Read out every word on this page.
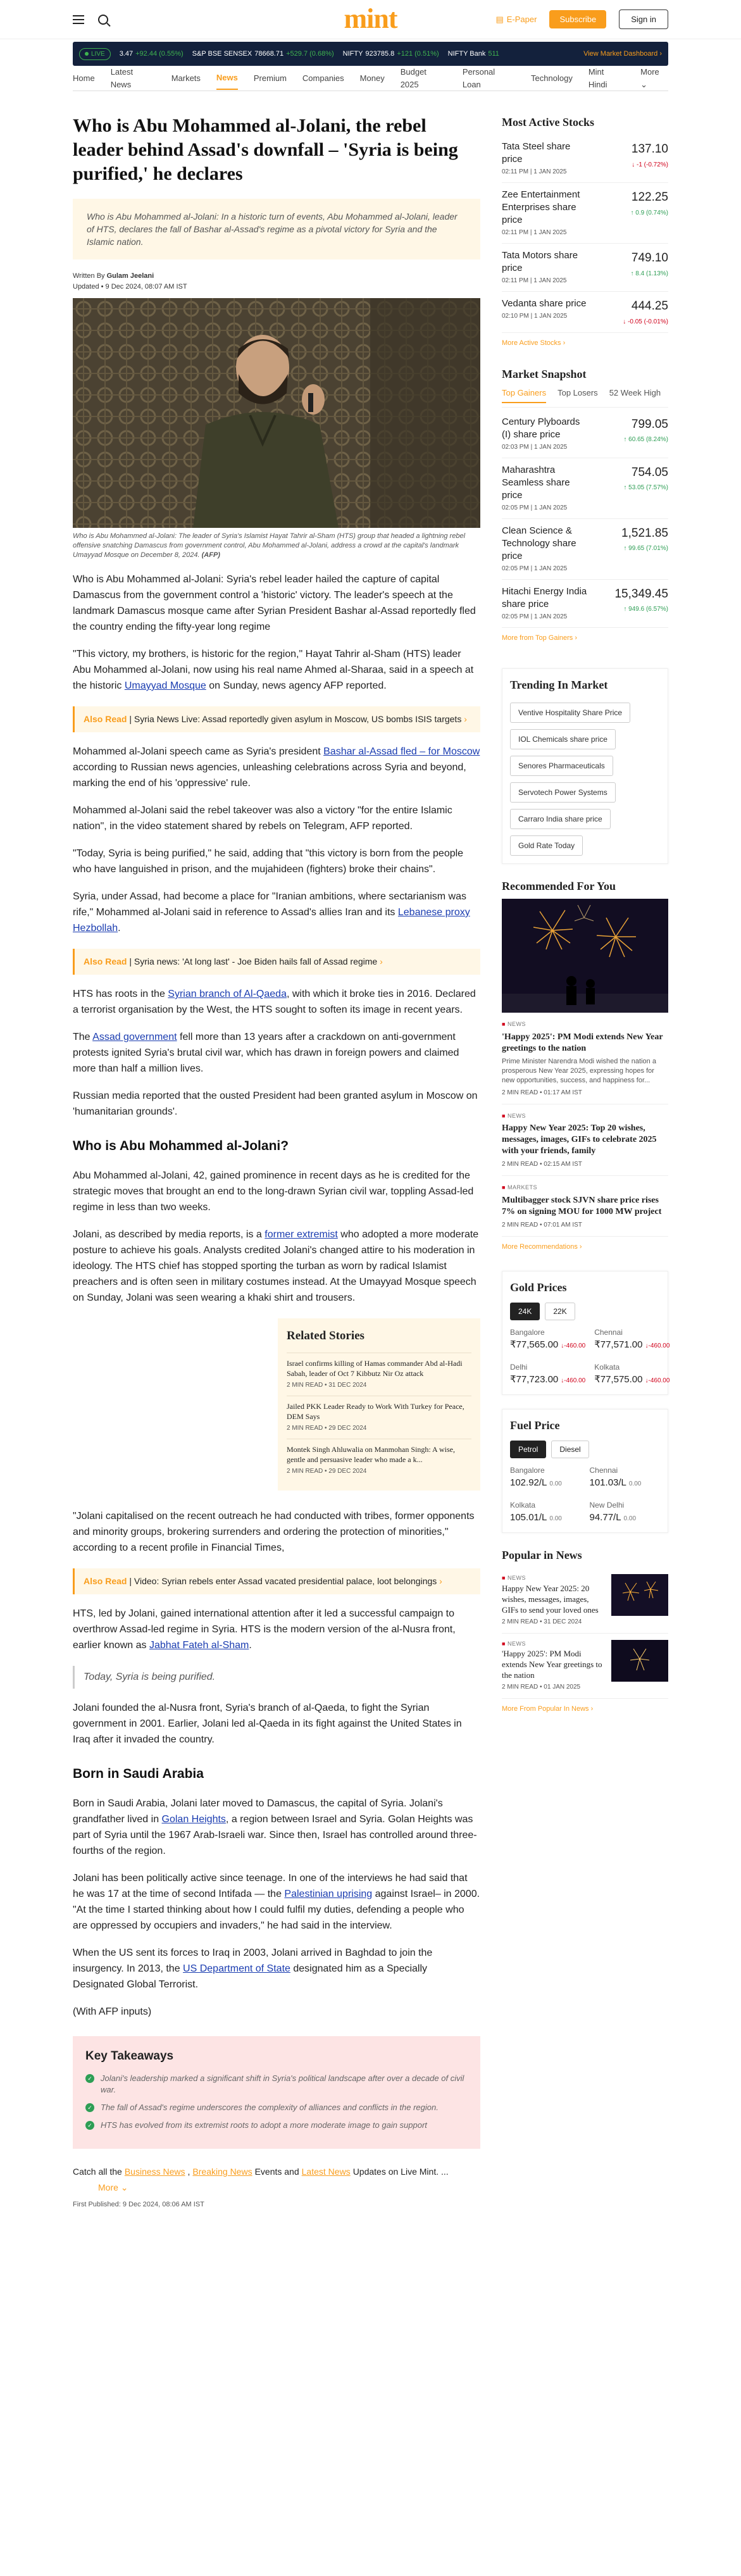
mint	▤ E-Paper	Subscribe	Sign in
LIVE 3.47 +92.44 (0.55%) S&P BSE SENSEX 78668.71 +529.7 (0.68%) NIFTY 923785.8 +121 (0.51%) NIFTY Bank 511	View Market Dashboard ›
Home
Latest News
Markets News Premium Companies Money
Budget 2025
Personal Loan
Technology
Mint Hindi
More ⌄
Who is Abu Mohammed al-Jolani, the rebel leader behind Assad's downfall – 'Syria is being purified,' he declares
Who is Abu Mohammed al-Jolani: In a historic turn of events, Abu Mohammed al-Jolani, leader of HTS, declares the fall of Bashar al-Assad's regime as a pivotal victory for Syria and the Islamic nation.
Written By Gulam Jeelani
Updated • 9 Dec 2024, 08:07 AM IST
Who is Abu Mohammed al-Jolani: The leader of Syria's Islamist Hayat Tahrir al-Sham (HTS) group that headed a lightning rebel offensive snatching Damascus from government control, Abu Mohammed al-Jolani, address a crowd at the capital's landmark Umayyad Mosque on December 8, 2024. (AFP)

Who is Abu Mohammed al-Jolani: Syria's rebel leader hailed the capture of capital Damascus from the government control a 'historic' victory. The leader's speech at the landmark Damascus mosque came after Syrian President Bashar al-Assad reportedly fled the country ending the fifty-year long regime

"This victory, my brothers, is historic for the region," Hayat Tahrir al-Sham (HTS) leader Abu Mohammed al-Jolani, now using his real name Ahmed al-Sharaa, said in a speech at the historic Umayyad Mosque on Sunday, news agency AFP reported.

Also Read | Syria News Live: Assad reportedly given asylum in Moscow, US bombs ISIS targets ›

Mohammed al-Jolani speech came as Syria's president Bashar al-Assad fled – for Moscow according to Russian news agencies, unleashing celebrations across Syria and beyond, marking the end of his 'oppressive' rule.

Mohammed al-Jolani said the rebel takeover was also a victory "for the entire Islamic nation", in the video statement shared by rebels on Telegram, AFP reported.

"Today, Syria is being purified," he said, adding that "this victory is born from the people who have languished in prison, and the mujahideen (fighters) broke their chains".

Syria, under Assad, had become a place for "Iranian ambitions, where sectarianism was rife," Mohammed al-Jolani said in reference to Assad's allies Iran and its Lebanese proxy Hezbollah.

Also Read | Syria news: 'At long last' - Joe Biden hails fall of Assad regime ›

HTS has roots in the Syrian branch of Al-Qaeda, with which it broke ties in 2016. Declared a terrorist organisation by the West, the HTS sought to soften its image in recent years.

The Assad government fell more than 13 years after a crackdown on anti-government protests ignited Syria's brutal civil war, which has drawn in foreign powers and claimed more than half a million lives.

Russian media reported that the ousted President had been granted asylum in Moscow on 'humanitarian grounds'.

Who is Abu Mohammed al-Jolani?

Abu Mohammed al-Jolani, 42, gained prominence in recent days as he is credited for the strategic moves that brought an end to the long-drawn Syrian civil war, toppling Assad-led regime in less than two weeks.

Jolani, as described by media reports, is a former extremist who adopted a more moderate posture to achieve his goals. Analysts credited Jolani's changed attire to his moderation in ideology. The HTS chief has stopped sporting the turban as worn by radical Islamist preachers and is often seen in military costumes instead. At the Umayyad Mosque speech on Sunday, Jolani was seen wearing a khaki shirt and trousers.

Related Stories
Israel confirms killing of Hamas commander Abd al-Hadi Sabah, leader of Oct 7 Kibbutz Nir Oz attack
2 MIN READ • 31 DEC 2024
Jailed PKK Leader Ready to Work With Turkey for Peace, DEM Says
2 MIN READ • 29 DEC 2024
Montek Singh Ahluwalia on Manmohan Singh: A wise, gentle and persuasive leader who made a k...
2 MIN READ • 29 DEC 2024

"Jolani capitalised on the recent outreach he had conducted with tribes, former opponents and minority groups, brokering surrenders and ordering the protection of minorities," according to a recent profile in Financial Times,

Also Read | Video: Syrian rebels enter Assad vacated presidential palace, loot belongings ›

HTS, led by Jolani, gained international attention after it led a successful campaign to overthrow Assad-led regime in Syria. HTS is the modern version of the al-Nusra front, earlier known as Jabhat Fateh al-Sham.

Today, Syria is being purified.

Jolani founded the al-Nusra front, Syria's branch of al-Qaeda, to fight the Syrian government in 2001. Earlier, Jolani led al-Qaeda in its fight against the United States in Iraq after it invaded the country.

Born in Saudi Arabia

Born in Saudi Arabia, Jolani later moved to Damascus, the capital of Syria. Jolani's grandfather lived in Golan Heights, a region between Israel and Syria. Golan Heights was part of Syria until the 1967 Arab-Israeli war. Since then, Israel has controlled around three-fourths of the region.

Jolani has been politically active since teenage. In one of the interviews he had said that he was 17 at the time of second Intifada — the Palestinian uprising against Israel– in 2000. "At the time I started thinking about how I could fulfil my duties, defending a people who are oppressed by occupiers and invaders," he had said in the interview.

When the US sent its forces to Iraq in 2003, Jolani arrived in Baghdad to join the insurgency. In 2013, the US Department of State designated him as a Specially Designated Global Terrorist.

(With AFP inputs)

Key Takeaways
✓ Jolani's leadership marked a significant shift in Syria's political landscape after over a decade of civil war.
✓ The fall of Assad's regime underscores the complexity of alliances and conflicts in the region.
✓ HTS has evolved from its extremist roots to adopt a more moderate image to gain support
Catch all the Business News , Breaking News Events and Latest News Updates on Live Mint. ...
More ⌄
First Published: 9 Dec 2024, 08:06 AM IST
Most Active Stocks
Tata Steel share price
02:11 PM | 1 JAN 2025
137.10
↓ -1 (-0.72%)
Zee Entertainment Enterprises share price
02:11 PM | 1 JAN 2025
122.25
↑ 0.9 (0.74%)
Tata Motors share price
02:11 PM | 1 JAN 2025
749.10
↑ 8.4 (1.13%)
Vedanta share price
02:10 PM | 1 JAN 2025
444.25
↓ -0.05 (-0.01%)
More Active Stocks ›
Market Snapshot
Top Gainers Top Losers 52 Week High
Century Plyboards (I) share price
02:03 PM | 1 JAN 2025
799.05
↑ 60.65 (8.24%)
Maharashtra Seamless share price
02:05 PM | 1 JAN 2025
754.05
↑ 53.05 (7.57%)
Clean Science & Technology share price
02:05 PM | 1 JAN 2025
1,521.85
↑ 99.65 (7.01%)
Hitachi Energy India share price
02:05 PM | 1 JAN 2025
15,349.45
↑ 949.6 (6.57%)
More from Top Gainers ›
Trending In Market
Ventive Hospitality Share Price
IOL Chemicals share price
Senores Pharmaceuticals
Servotech Power Systems
Carraro India share price
Gold Rate Today
Recommended For You
■ NEWS
'Happy 2025': PM Modi extends New Year greetings to the nation
Prime Minister Narendra Modi wished the nation a prosperous New Year 2025, expressing hopes for new opportunities, success, and happiness for...
2 MIN READ • 01:17 AM IST
■ NEWS
Happy New Year 2025: Top 20 wishes, messages, images, GIFs to celebrate 2025 with your friends, family
2 MIN READ • 02:15 AM IST
■ MARKETS
Multibagger stock SJVN share price rises 7% on signing MOU for 1000 MW project
2 MIN READ • 07:01 AM IST
More Recommendations ›
Gold Prices
24K	22K
Bangalore
₹77,565.00 ↓-460.00
Chennai
₹77,571.00 ↓-460.00
Delhi
₹77,723.00 ↓-460.00
Kolkata
₹77,575.00 ↓-460.00
Fuel Price
Petrol	Diesel
Bangalore
102.92/L 0.00
Chennai
101.03/L 0.00
Kolkata
105.01/L 0.00
New Delhi
94.77/L 0.00
Popular in News
■ NEWS
Happy New Year 2025: 20 wishes, messages, images, GIFs to send your loved ones
2 MIN READ • 31 DEC 2024
■ NEWS
'Happy 2025': PM Modi extends New Year greetings to the nation
2 MIN READ • 01 JAN 2025
More From Popular In News ›
